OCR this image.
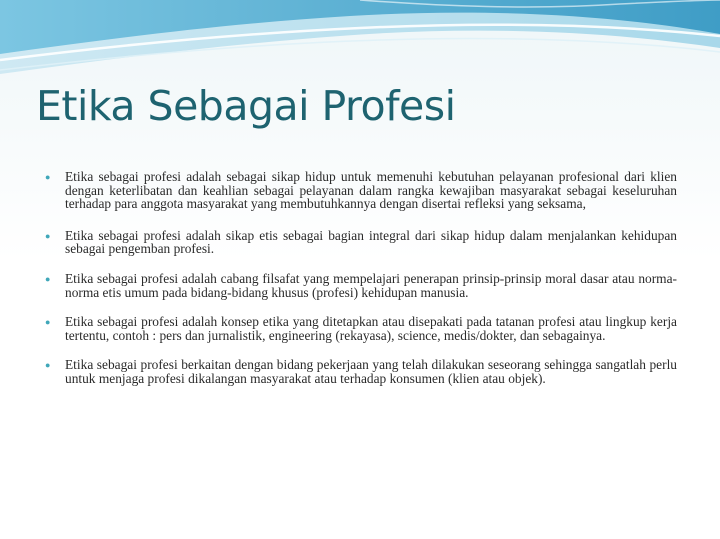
Etika Sebagai Profesi
● Etika sebagai profesi adalah sebagai sikap hidup untuk memenuhi kebutuhan pelayanan profesional dari klien dengan keterlibatan dan keahlian sebagai pelayanan dalam rangka kewajiban masyarakat sebagai keseluruhan terhadap para anggota masyarakat yang membutuhkannya dengan disertai refleksi yang seksama,
● Etika sebagai profesi adalah sikap etis sebagai bagian integral dari sikap hidup dalam menjalankan kehidupan sebagai pengemban profesi.
● Etika sebagai profesi adalah cabang filsafat yang mempelajari penerapan prinsip-prinsip moral dasar atau norma-norma etis umum pada bidang-bidang khusus (profesi) kehidupan manusia.
● Etika sebagai profesi adalah konsep etika yang ditetapkan atau disepakati pada tatanan profesi atau lingkup kerja tertentu, contoh : pers dan jurnalistik, engineering (rekayasa), science, medis/dokter, dan sebagainya.
● Etika sebagai profesi berkaitan dengan bidang pekerjaan yang telah dilakukan seseorang sehingga sangatlah perlu untuk menjaga profesi dikalangan masyarakat atau terhadap konsumen (klien atau objek).
